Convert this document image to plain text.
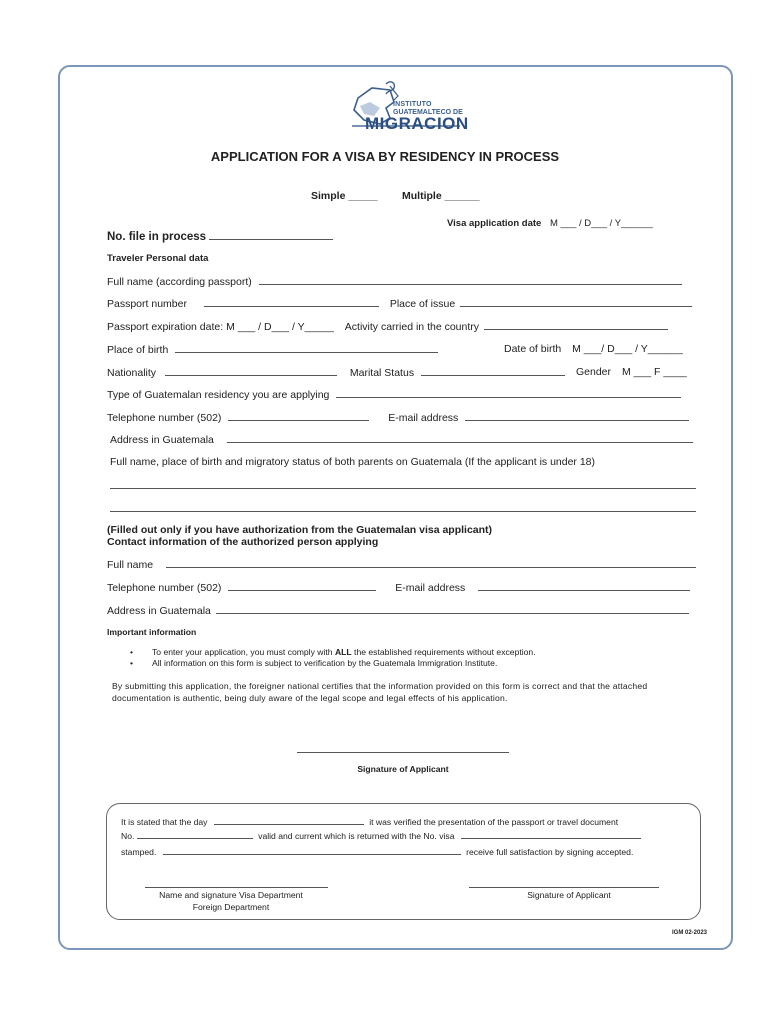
INSTITUTO
GUATEMALTECO DE
MIGRACION
APPLICATION FOR A VISA BY RESIDENCY IN PROCESS
Simple _____ Multiple ______
Visa application date M ___ / D___ / Y______
No. file in process
Traveler Personal data
Full name (according passport)
Passport number	Place of issue
Passport expiration date: M ___ / D___ / Y_____ Activity carried in the country
Place of birth	Date of birth M ___/ D___ / Y______
Nationality	Marital Status	Gender M ___ F ____
Type of Guatemalan residency you are applying
Telephone number (502)	E-mail address
Address in Guatemala
Full name, place of birth and migratory status of both parents on Guatemala (If the applicant is under 18)
(Filled out only if you have authorization from the Guatemalan visa applicant)
Contact information of the authorized person applying
Full name
Telephone number (502)	E-mail address
Address in Guatemala
Important information
• To enter your application, you must comply with ALL the established requirements without exception.
• All information on this form is subject to verification by the Guatemala Immigration Institute.
By submitting this application, the foreigner national certifies that the information provided on this form is correct and that the attached documentation is authentic, being duly aware of the legal scope and legal effects of his application.
Signature of Applicant
It is stated that the day	it was verified the presentation of the passport or travel document
No.	valid and current which is returned with the No. visa
stamped.	receive full satisfaction by signing accepted.
Name and signature Visa Department
Foreign Department
Signature of Applicant
IGM 02-2023
